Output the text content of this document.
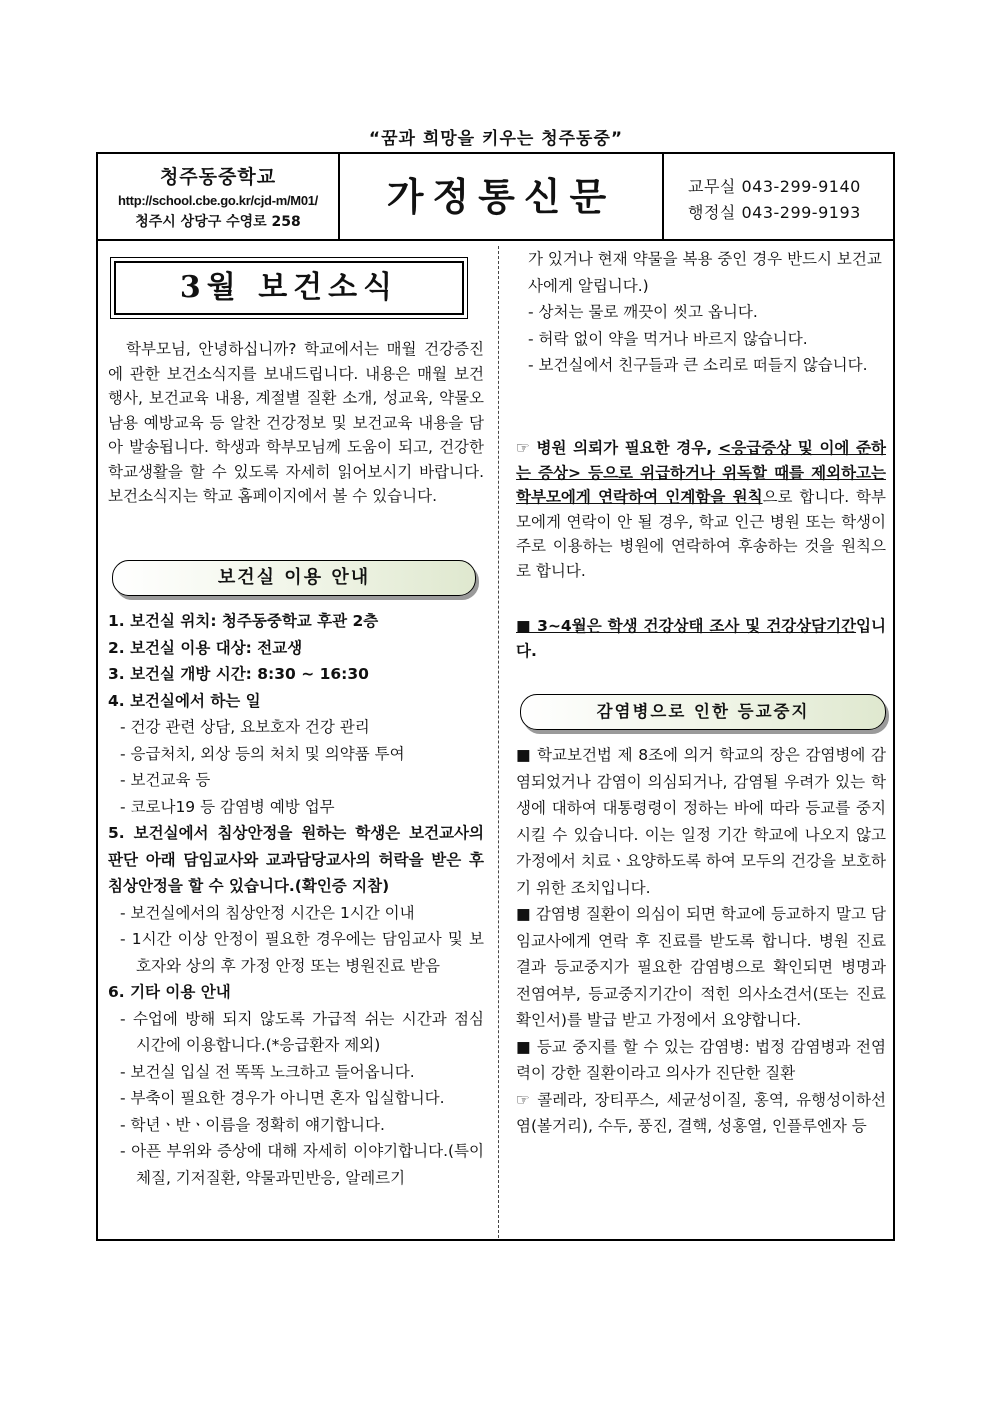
“꿈과 희망을 키우는 청주동중”
청주동중학교
http://school.cbe.go.kr/cjd-m/M01/
청주시 상당구 수영로 258
가정통신문	교무실 043-299-9140
행정실 043-299-9193
3월 보건소식
학부모님, 안녕하십니까? 학교에서는 매월 건강증진에 관한 보건소식지를 보내드립니다. 내용은 매월 보건행사, 보건교육 내용, 계절별 질환 소개, 성교육, 약물오남용 예방교육 등 알찬 건강정보 및 보건교육 내용을 담아 발송됩니다. 학생과 학부모님께 도움이 되고, 건강한 학교생활을 할 수 있도록 자세히 읽어보시기 바랍니다. 보건소식지는 학교 홈페이지에서 볼 수 있습니다.
보건실 이용 안내

1. 보건실 위치: 청주동중학교 후관 2층

2. 보건실 이용 대상: 전교생

3. 보건실 개방 시간: 8:30 ~ 16:30

4. 보건실에서 하는 일

- 건강 관련 상담, 요보호자 건강 관리

- 응급처치, 외상 등의 처치 및 의약품 투여

- 보건교육 등

- 코로나19 등 감염병 예방 업무

5. 보건실에서 침상안정을 원하는 학생은 보건교사의 판단 아래 담임교사와 교과담당교사의 허락을 받은 후 침상안정을 할 수 있습니다.(확인증 지참)

- 보건실에서의 침상안정 시간은 1시간 이내

- 1시간 이상 안정이 필요한 경우에는 담임교사 및 보호자와 상의 후 가정 안정 또는 병원진료 받음

6. 기타 이용 안내

- 수업에 방해 되지 않도록 가급적 쉬는 시간과 점심 시간에 이용합니다.(*응급환자 제외)

- 보건실 입실 전 똑똑 노크하고 들어옵니다.

- 부축이 필요한 경우가 아니면 혼자 입실합니다.

- 학년ㆍ반ㆍ이름을 정확히 얘기합니다.

- 아픈 부위와 증상에 대해 자세히 이야기합니다.(특이체질, 기저질환, 약물과민반응, 알레르기

가 있거나 현재 약물을 복용 중인 경우 반드시 보건교사에게 알립니다.)

- 상처는 물로 깨끗이 씻고 옵니다.

- 허락 없이 약을 먹거나 바르지 않습니다.

- 보건실에서 친구들과 큰 소리로 떠들지 않습니다.

☞ 병원 의뢰가 필요한 경우, <응급증상 및 이에 준하는 증상> 등으로 위급하거나 위독할 때를 제외하고는 학부모에게 연락하여 인계함을 원칙으로 합니다. 학부모에게 연락이 안 될 경우, 학교 인근 병원 또는 학생이 주로 이용하는 병원에 연락하여 후송하는 것을 원칙으로 합니다.
■ 3~4월은 학생 건강상태 조사 및 건강상담기간입니다.
감염병으로 인한 등교중지

■ 학교보건법 제 8조에 의거 학교의 장은 감염병에 감염되었거나 감염이 의심되거나, 감염될 우려가 있는 학생에 대하여 대통령령이 정하는 바에 따라 등교를 중지시킬 수 있습니다. 이는 일정 기간 학교에 나오지 않고 가정에서 치료ㆍ요양하도록 하여 모두의 건강을 보호하기 위한 조치입니다.

■ 감염병 질환이 의심이 되면 학교에 등교하지 말고 담임교사에게 연락 후 진료를 받도록 합니다. 병원 진료 결과 등교중지가 필요한 감염병으로 확인되면 병명과 전염여부, 등교중지기간이 적힌 의사소견서(또는 진료확인서)를 발급 받고 가정에서 요양합니다.

■ 등교 중지를 할 수 있는 감염병: 법정 감염병과 전염력이 강한 질환이라고 의사가 진단한 질환

☞ 콜레라, 장티푸스, 세균성이질, 홍역, 유행성이하선염(볼거리), 수두, 풍진, 결핵, 성홍열, 인플루엔자 등
